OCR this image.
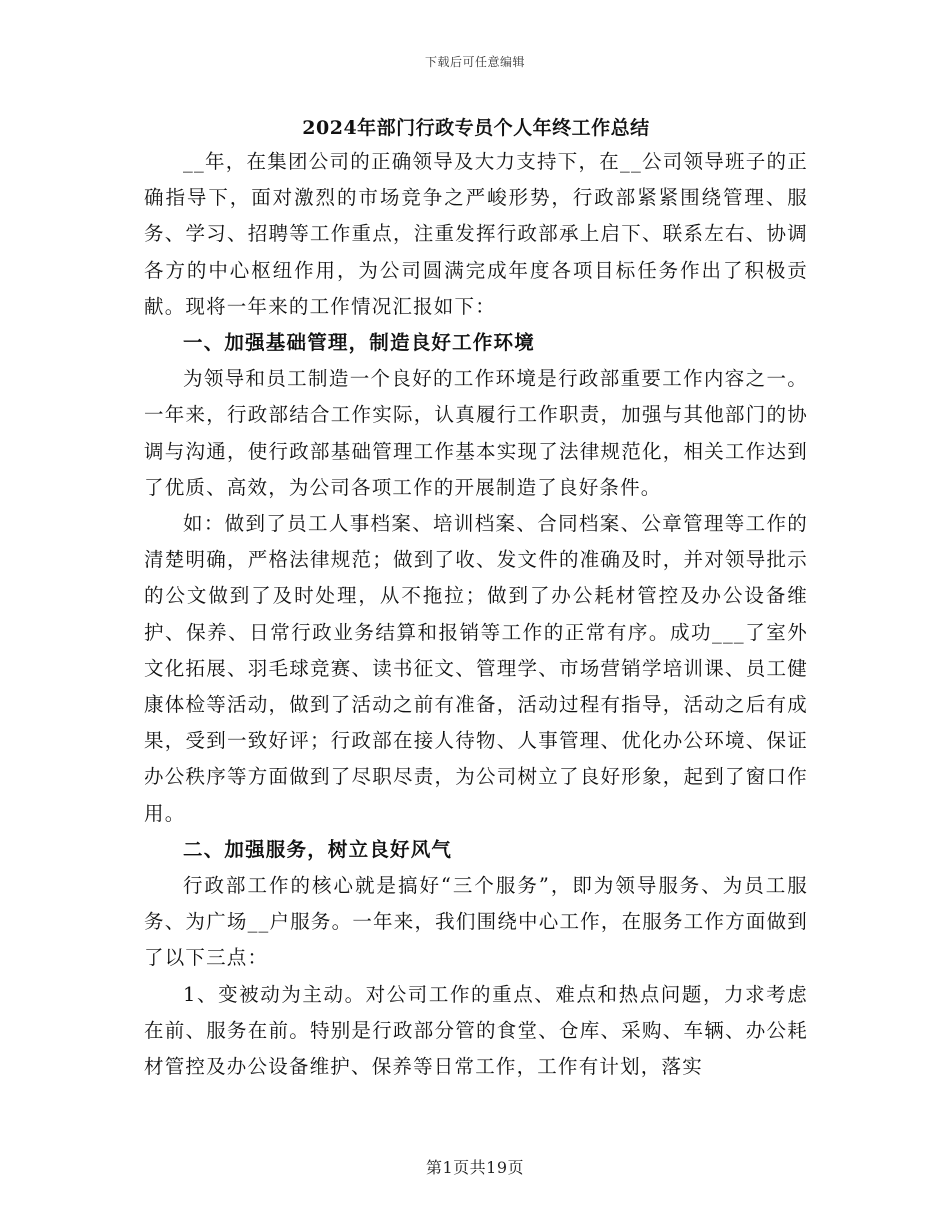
下载后可任意编辑
2024年部门行政专员个人年终工作总结

__年，在集团公司的正确领导及大力支持下，在__公司领导班子的正确指导下，面对激烈的市场竞争之严峻形势，行政部紧紧围绕管理、服务、学习、招聘等工作重点，注重发挥行政部承上启下、联系左右、协调各方的中心枢纽作用，为公司圆满完成年度各项目标任务作出了积极贡献。现将一年来的工作情况汇报如下：

一、加强基础管理，制造良好工作环境

为领导和员工制造一个良好的工作环境是行政部重要工作内容之一。一年来，行政部结合工作实际，认真履行工作职责，加强与其他部门的协调与沟通，使行政部基础管理工作基本实现了法律规范化，相关工作达到了优质、高效，为公司各项工作的开展制造了良好条件。

如：做到了员工人事档案、培训档案、合同档案、公章管理等工作的清楚明确，严格法律规范；做到了收、发文件的准确及时，并对领导批示的公文做到了及时处理，从不拖拉；做到了办公耗材管控及办公设备维护、保养、日常行政业务结算和报销等工作的正常有序。成功___了室外文化拓展、羽毛球竞赛、读书征文、管理学、市场营销学培训课、员工健康体检等活动，做到了活动之前有准备，活动过程有指导，活动之后有成果，受到一致好评；行政部在接人待物、人事管理、优化办公环境、保证办公秩序等方面做到了尽职尽责，为公司树立了良好形象，起到了窗口作用。

二、加强服务，树立良好风气

行政部工作的核心就是搞好“三个服务”，即为领导服务、为员工服务、为广场__户服务。一年来，我们围绕中心工作，在服务工作方面做到了以下三点：

1、变被动为主动。对公司工作的重点、难点和热点问题，力求考虑在前、服务在前。特别是行政部分管的食堂、仓库、采购、车辆、办公耗材管控及办公设备维护、保养等日常工作，工作有计划，落实

第1页共19页
